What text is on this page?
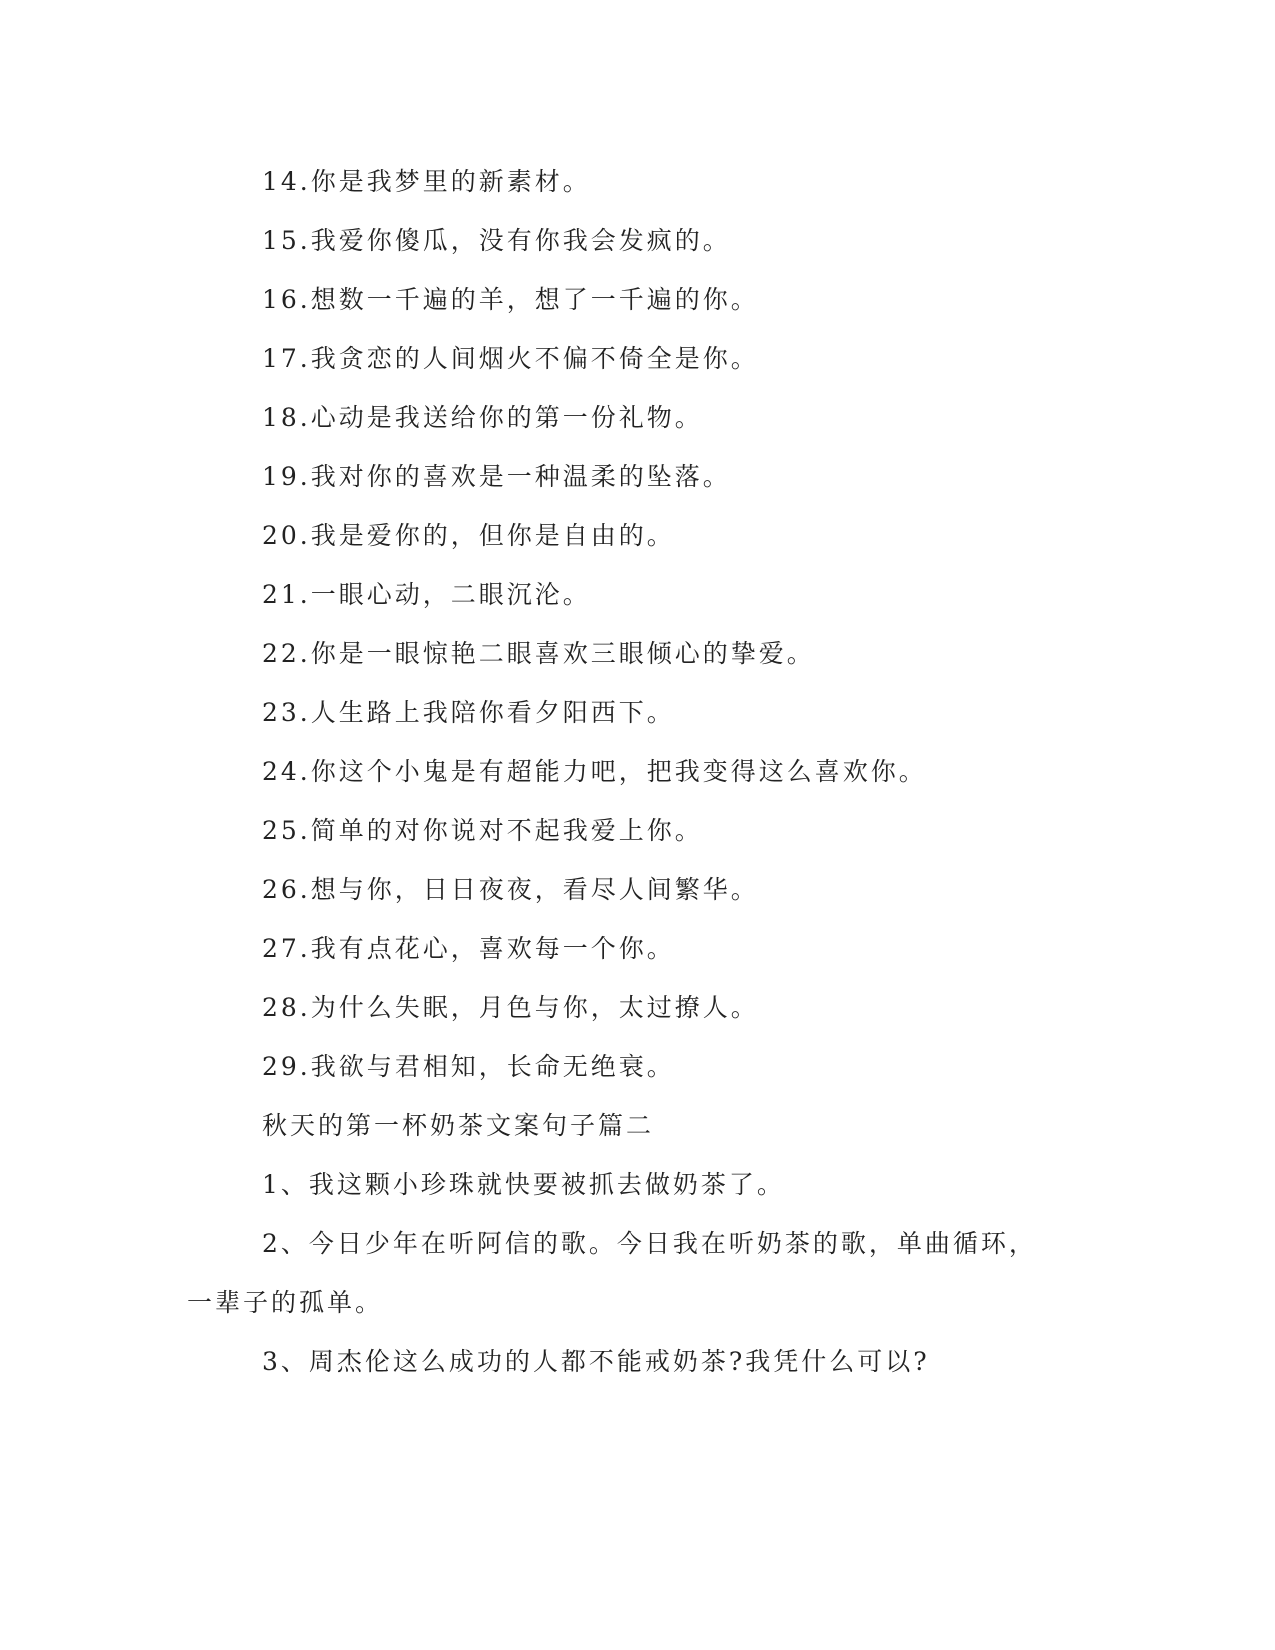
14.你是我梦里的新素材。
15.我爱你傻瓜，没有你我会发疯的。
16.想数一千遍的羊，想了一千遍的你。
17.我贪恋的人间烟火不偏不倚全是你。
18.心动是我送给你的第一份礼物。
19.我对你的喜欢是一种温柔的坠落。
20.我是爱你的，但你是自由的。
21.一眼心动，二眼沉沦。
22.你是一眼惊艳二眼喜欢三眼倾心的挚爱。
23.人生路上我陪你看夕阳西下。
24.你这个小鬼是有超能力吧，把我变得这么喜欢你。
25.简单的对你说对不起我爱上你。
26.想与你，日日夜夜，看尽人间繁华。
27.我有点花心，喜欢每一个你。
28.为什么失眠，月色与你，太过撩人。
29.我欲与君相知，长命无绝衰。
秋天的第一杯奶茶文案句子篇二
1、我这颗小珍珠就快要被抓去做奶茶了。
2、今日少年在听阿信的歌。今日我在听奶茶的歌，单曲循环，
一辈子的孤单。
3、周杰伦这么成功的人都不能戒奶茶?我凭什么可以?
